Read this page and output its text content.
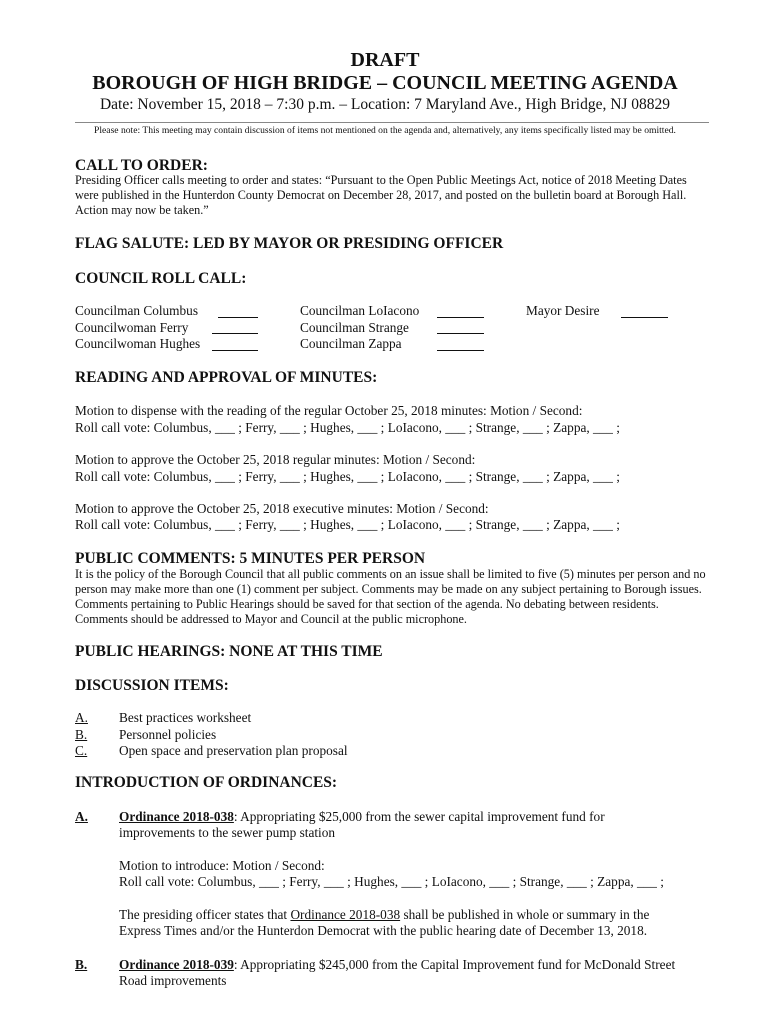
DRAFT
BOROUGH OF HIGH BRIDGE – COUNCIL MEETING AGENDA
Date: November 15, 2018 – 7:30 p.m. – Location: 7 Maryland Ave., High Bridge, NJ 08829
Please note: This meeting may contain discussion of items not mentioned on the agenda and, alternatively, any items specifically listed may be omitted.
CALL TO ORDER:
Presiding Officer calls meeting to order and states: “Pursuant to the Open Public Meetings Act, notice of 2018 Meeting Dates were published in the Hunterdon County Democrat on December 28, 2017, and posted on the bulletin board at Borough Hall. Action may now be taken.”
FLAG SALUTE: LED BY MAYOR OR PRESIDING OFFICER
COUNCIL ROLL CALL:
Councilman Columbus
Councilwoman Ferry
Councilwoman Hughes
Councilman LoIacono
Councilman Strange
Councilman Zappa
Mayor Desire
READING AND APPROVAL OF MINUTES:
Motion to dispense with the reading of the regular October 25, 2018 minutes: Motion / Second:
Roll call vote: Columbus, ___ ; Ferry, ___ ; Hughes, ___ ; LoIacono, ___ ; Strange, ___ ; Zappa, ___ ;
Motion to approve the October 25, 2018 regular minutes: Motion / Second:
Roll call vote: Columbus, ___ ; Ferry, ___ ; Hughes, ___ ; LoIacono, ___ ; Strange, ___ ; Zappa, ___ ;
Motion to approve the October 25, 2018 executive minutes: Motion / Second:
Roll call vote: Columbus, ___ ; Ferry, ___ ; Hughes, ___ ; LoIacono, ___ ; Strange, ___ ; Zappa, ___ ;
PUBLIC COMMENTS: 5 MINUTES PER PERSON
It is the policy of the Borough Council that all public comments on an issue shall be limited to five (5) minutes per person and no person may make more than one (1) comment per subject. Comments may be made on any subject pertaining to Borough issues. Comments pertaining to Public Hearings should be saved for that section of the agenda. No debating between residents. Comments should be addressed to Mayor and Council at the public microphone.
PUBLIC HEARINGS: NONE AT THIS TIME
DISCUSSION ITEMS:
A. Best practices worksheet
B. Personnel policies
C. Open space and preservation plan proposal
INTRODUCTION OF ORDINANCES:
A. Ordinance 2018-038: Appropriating $25,000 from the sewer capital improvement fund for
improvements to the sewer pump station
Motion to introduce: Motion / Second:
Roll call vote: Columbus, ___ ; Ferry, ___ ; Hughes, ___ ; LoIacono, ___ ; Strange, ___ ; Zappa, ___ ;
The presiding officer states that Ordinance 2018-038 shall be published in whole or summary in the
Express Times and/or the Hunterdon Democrat with the public hearing date of December 13, 2018.
B. Ordinance 2018-039: Appropriating $245,000 from the Capital Improvement fund for McDonald Street
Road improvements
